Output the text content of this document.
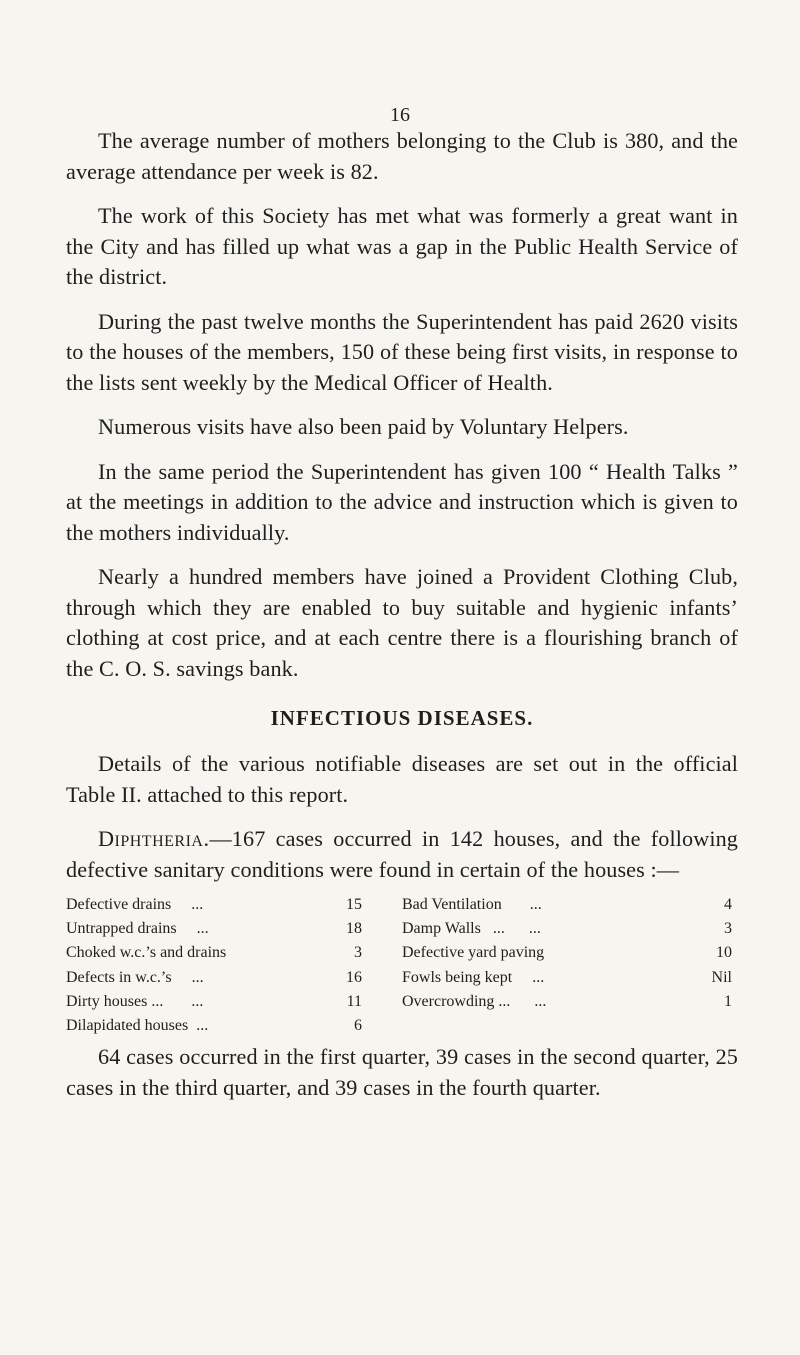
16

The average number of mothers belonging to the Club is 380, and the average attendance per week is 82.

The work of this Society has met what was formerly a great want in the City and has filled up what was a gap in the Public Health Service of the district.

During the past twelve months the Superintendent has paid 2620 visits to the houses of the members, 150 of these being first visits, in response to the lists sent weekly by the Medical Officer of Health.

Numerous visits have also been paid by Voluntary Helpers.

In the same period the Superintendent has given 100 “ Health Talks ” at the meetings in addition to the advice and instruction which is given to the mothers individually.

Nearly a hundred members have joined a Provident Clothing Club, through which they are enabled to buy suitable and hygienic infants’ clothing at cost price, and at each centre there is a flourishing branch of the C. O. S. savings bank.

INFECTIOUS DISEASES.

Details of the various notifiable diseases are set out in the official Table II. attached to this report.

Diphtheria.—167 cases occurred in 142 houses, and the following defective sanitary conditions were found in certain of the houses :—

Defective drains     ...	15
Untrapped drains     ...	18
Choked w.c.’s and drains	3
Defects in w.c.’s     ...	16
Dirty houses ...       ...	11
Dilapidated houses  ...	6
Bad Ventilation       ...	4
Damp Walls   ...      ...	3
Defective yard paving	10
Fowls being kept     ...	Nil
Overcrowding ...      ...	1

64 cases occurred in the first quarter, 39 cases in the second quarter, 25 cases in the third quarter, and 39 cases in the fourth quarter.
